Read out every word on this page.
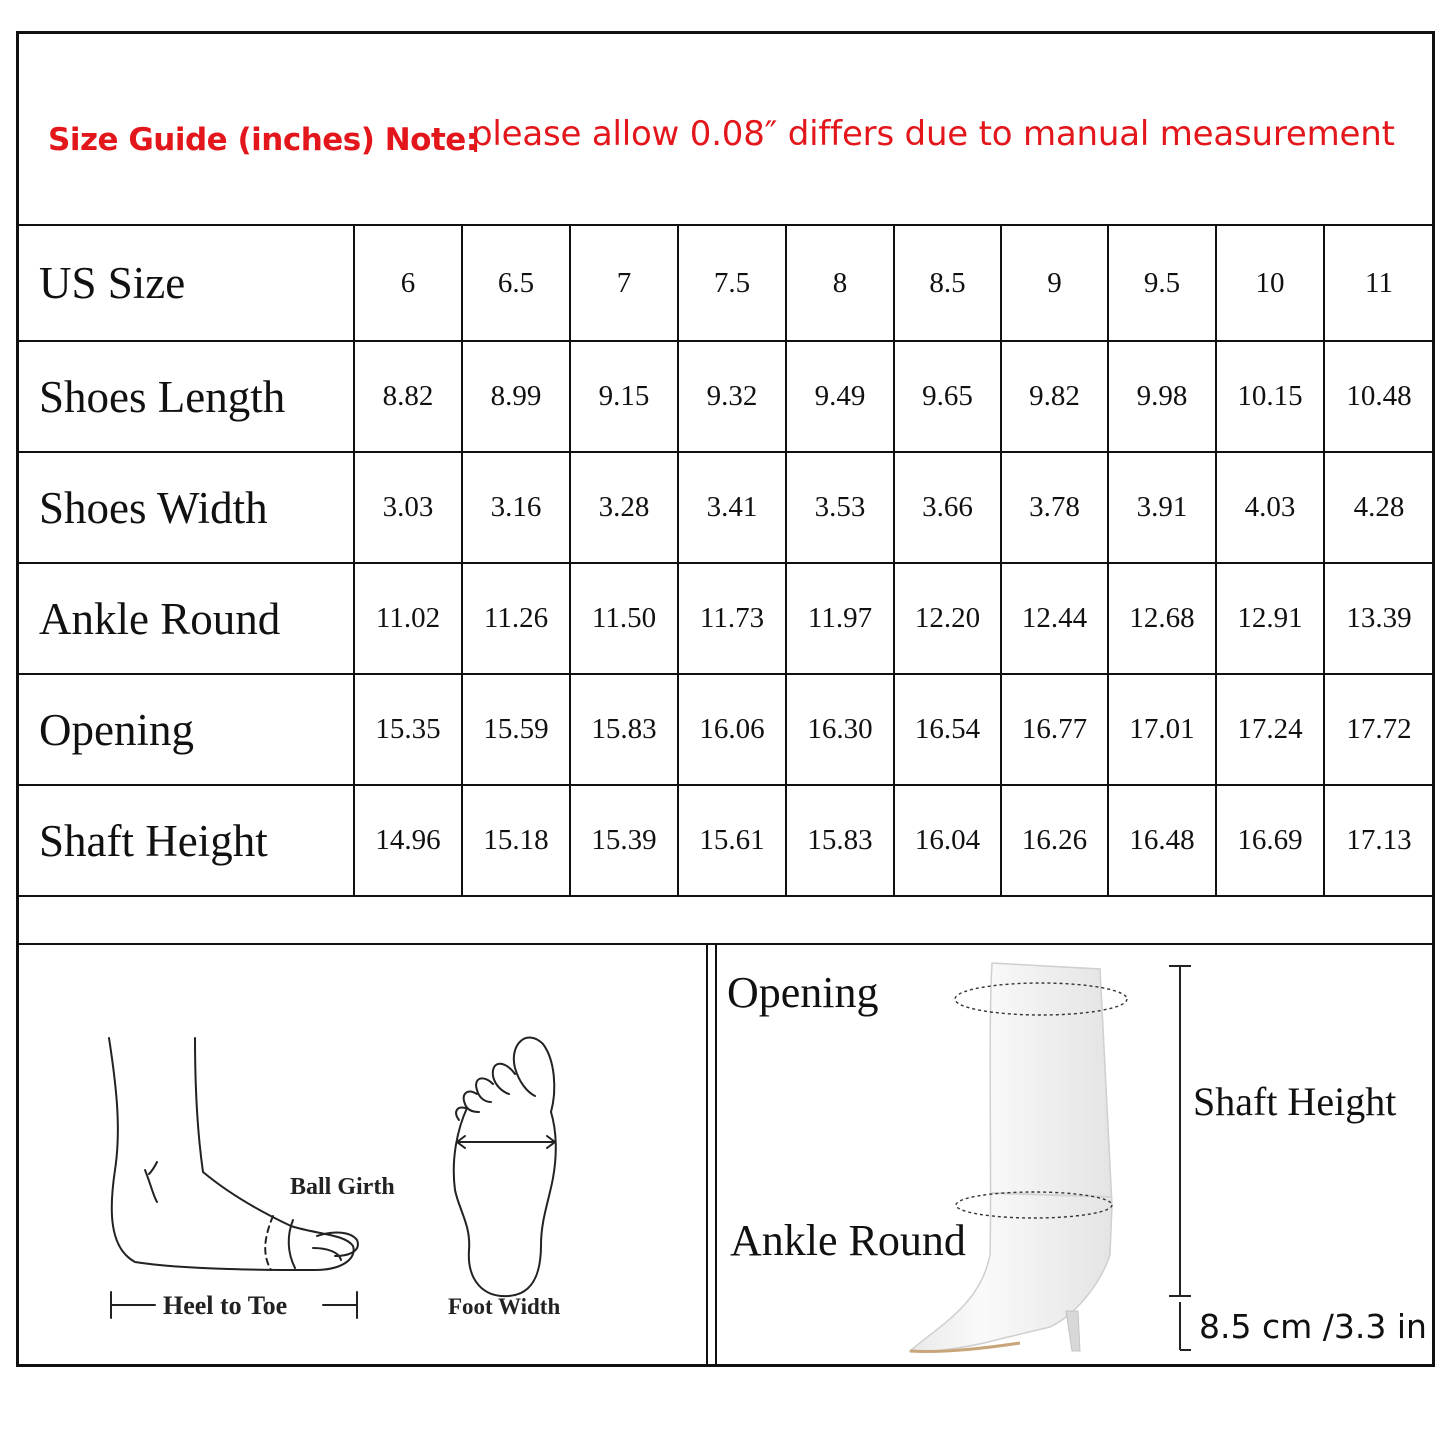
Size Guide (inches) Note:
please allow 0.08″ differs due to manual measurement
US Size	6	6.5	7	7.5	8	8.5	9	9.5	10	11
Shoes Length	8.82	8.99	9.15	9.32	9.49	9.65	9.82	9.98	10.15	10.48
Shoes Width	3.03	3.16	3.28	3.41	3.53	3.66	3.78	3.91	4.03	4.28
Ankle Round	11.02	11.26	11.50	11.73	11.97	12.20	12.44	12.68	12.91	13.39
Opening	15.35	15.59	15.83	16.06	16.30	16.54	16.77	17.01	17.24	17.72
Shaft Height	14.96	15.18	15.39	15.61	15.83	16.04	16.26	16.48	16.69	17.13
Ball Girth
Heel to Toe	Foot Width
Opening
Ankle Round
Shaft Height
8.5 cm /3.3 in
